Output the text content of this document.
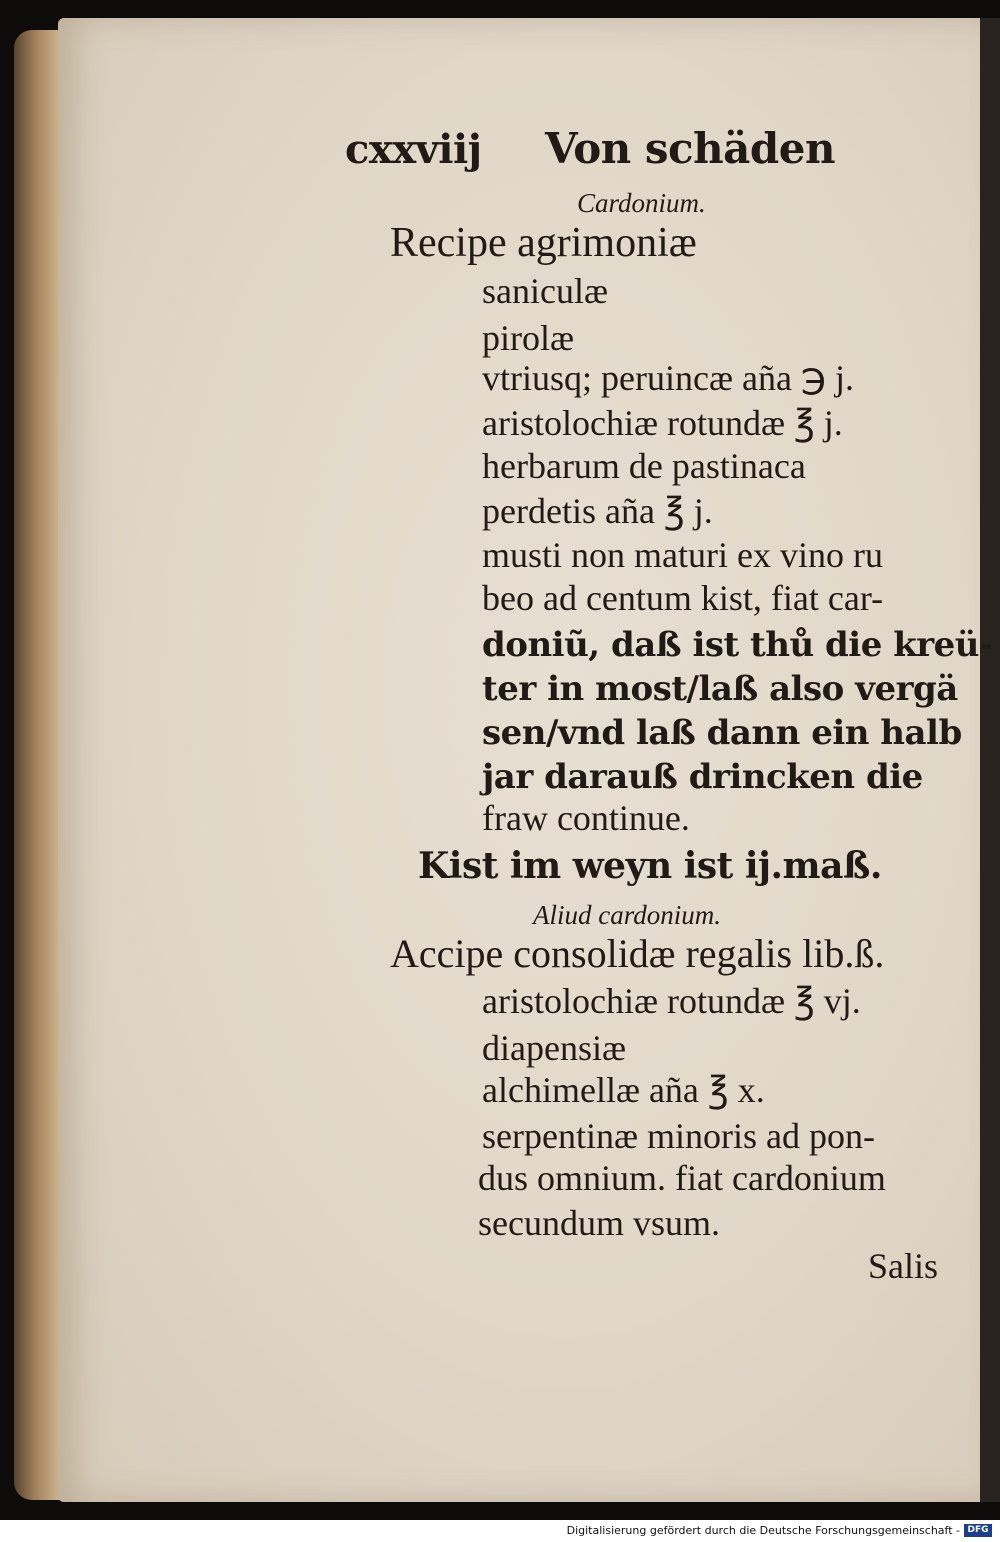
cxxviij Von schäden
Cardonium.
Recipe agrimoniæ
saniculæ
pirolæ
vtriusq; peruincæ aña ℈ j.
aristolochiæ rotundæ ℥ j.
herbarum de pastinaca
perdetis aña ℥ j.
musti non maturi ex vino ru
beo ad centum kist, fiat car-
doniũ, daß ist thů die kreü-
ter in most/laß also vergä
sen/vnd laß dann ein halb
jar darauß drincken die
fraw continue.
Kist im weyn ist ij.maß.
Aliud cardonium.
Accipe consolidæ regalis lib.ß.
aristolochiæ rotundæ ℥ vj.
diapensiæ
alchimellæ aña ℥ x.
serpentinæ minoris ad pon-
dus omnium. fiat cardonium
secundum vsum.
Salis
Digitalisierung gefördert durch die Deutsche Forschungsgemeinschaft - DFG
